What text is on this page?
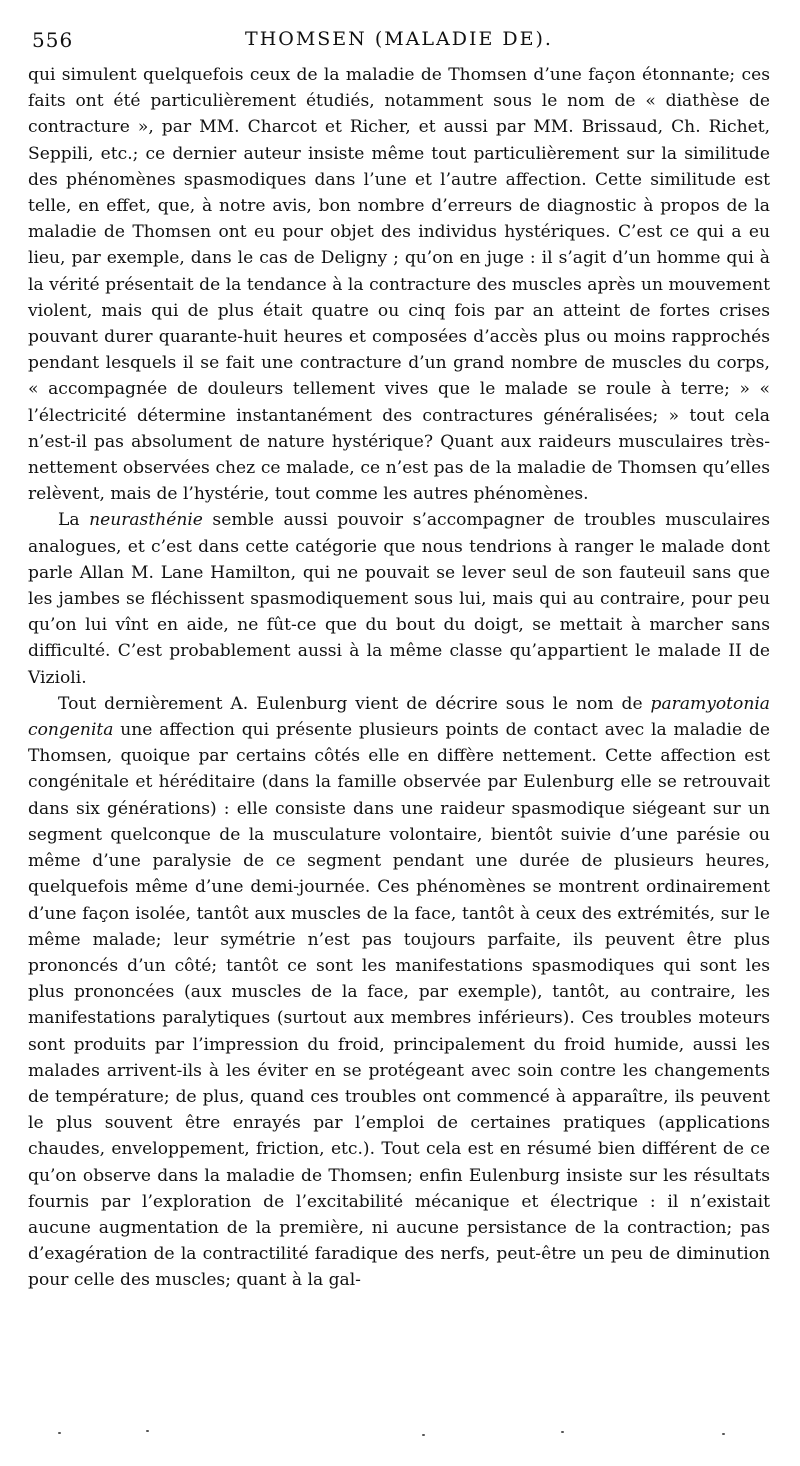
556	THOMSEN (MALADIE DE).

qui simulent quelquefois ceux de la maladie de Thomsen d’une façon étonnante; ces faits ont été particulièrement étudiés, notamment sous le nom de « diathèse de contracture », par MM. Charcot et Richer, et aussi par MM. Brissaud, Ch. Richet, Seppili, etc.; ce dernier auteur insiste même tout particulièrement sur la similitude des phénomènes spasmodiques dans l’une et l’autre affection. Cette similitude est telle, en effet, que, à notre avis, bon nombre d’erreurs de diagnostic à propos de la maladie de Thomsen ont eu pour objet des individus hystériques. C’est ce qui a eu lieu, par exemple, dans le cas de Deligny ; qu’on en juge : il s’agit d’un homme qui à la vérité présentait de la tendance à la contracture des muscles après un mouvement violent, mais qui de plus était quatre ou cinq fois par an atteint de fortes crises pouvant durer quarante-huit heures et composées d’accès plus ou moins rapprochés pendant lesquels il se fait une contracture d’un grand nombre de muscles du corps, « accompagnée de douleurs tellement vives que le malade se roule à terre; » « l’électricité détermine instantanément des contractures généralisées; » tout cela n’est-il pas absolument de nature hystérique? Quant aux raideurs musculaires très-nettement observées chez ce malade, ce n’est pas de la maladie de Thomsen qu’elles relèvent, mais de l’hystérie, tout comme les autres phénomènes.

La neurasthénie semble aussi pouvoir s’accompagner de troubles musculaires analogues, et c’est dans cette catégorie que nous tendrions à ranger le malade dont parle Allan M. Lane Hamilton, qui ne pouvait se lever seul de son fauteuil sans que les jambes se fléchissent spasmodiquement sous lui, mais qui au contraire, pour peu qu’on lui vînt en aide, ne fût-ce que du bout du doigt, se mettait à marcher sans difficulté. C’est probablement aussi à la même classe qu’appartient le malade II de Vizioli.

Tout dernièrement A. Eulenburg vient de décrire sous le nom de paramyotonia congenita une affection qui présente plusieurs points de contact avec la maladie de Thomsen, quoique par certains côtés elle en diffère nettement. Cette affection est congénitale et héréditaire (dans la famille observée par Eulenburg elle se retrouvait dans six générations) : elle consiste dans une raideur spasmodique siégeant sur un segment quelconque de la musculature volontaire, bientôt suivie d’une parésie ou même d’une paralysie de ce segment pendant une durée de plusieurs heures, quelquefois même d’une demi-journée. Ces phénomènes se montrent ordinairement d’une façon isolée, tantôt aux muscles de la face, tantôt à ceux des extrémités, sur le même malade; leur symétrie n’est pas toujours parfaite, ils peuvent être plus prononcés d’un côté; tantôt ce sont les manifestations spasmodiques qui sont les plus prononcées (aux muscles de la face, par exemple), tantôt, au contraire, les manifestations paralytiques (surtout aux membres inférieurs). Ces troubles moteurs sont produits par l’impression du froid, principalement du froid humide, aussi les malades arrivent-ils à les éviter en se protégeant avec soin contre les changements de température; de plus, quand ces troubles ont commencé à apparaître, ils peuvent le plus souvent être enrayés par l’emploi de certaines pratiques (applications chaudes, enveloppement, friction, etc.). Tout cela est en résumé bien différent de ce qu’on observe dans la maladie de Thomsen; enfin Eulenburg insiste sur les résultats fournis par l’exploration de l’excitabilité mécanique et électrique : il n’existait aucune augmentation de la première, ni aucune persistance de la contraction; pas d’exagération de la contractilité faradique des nerfs, peut-être un peu de diminution pour celle des muscles; quant à la gal-
